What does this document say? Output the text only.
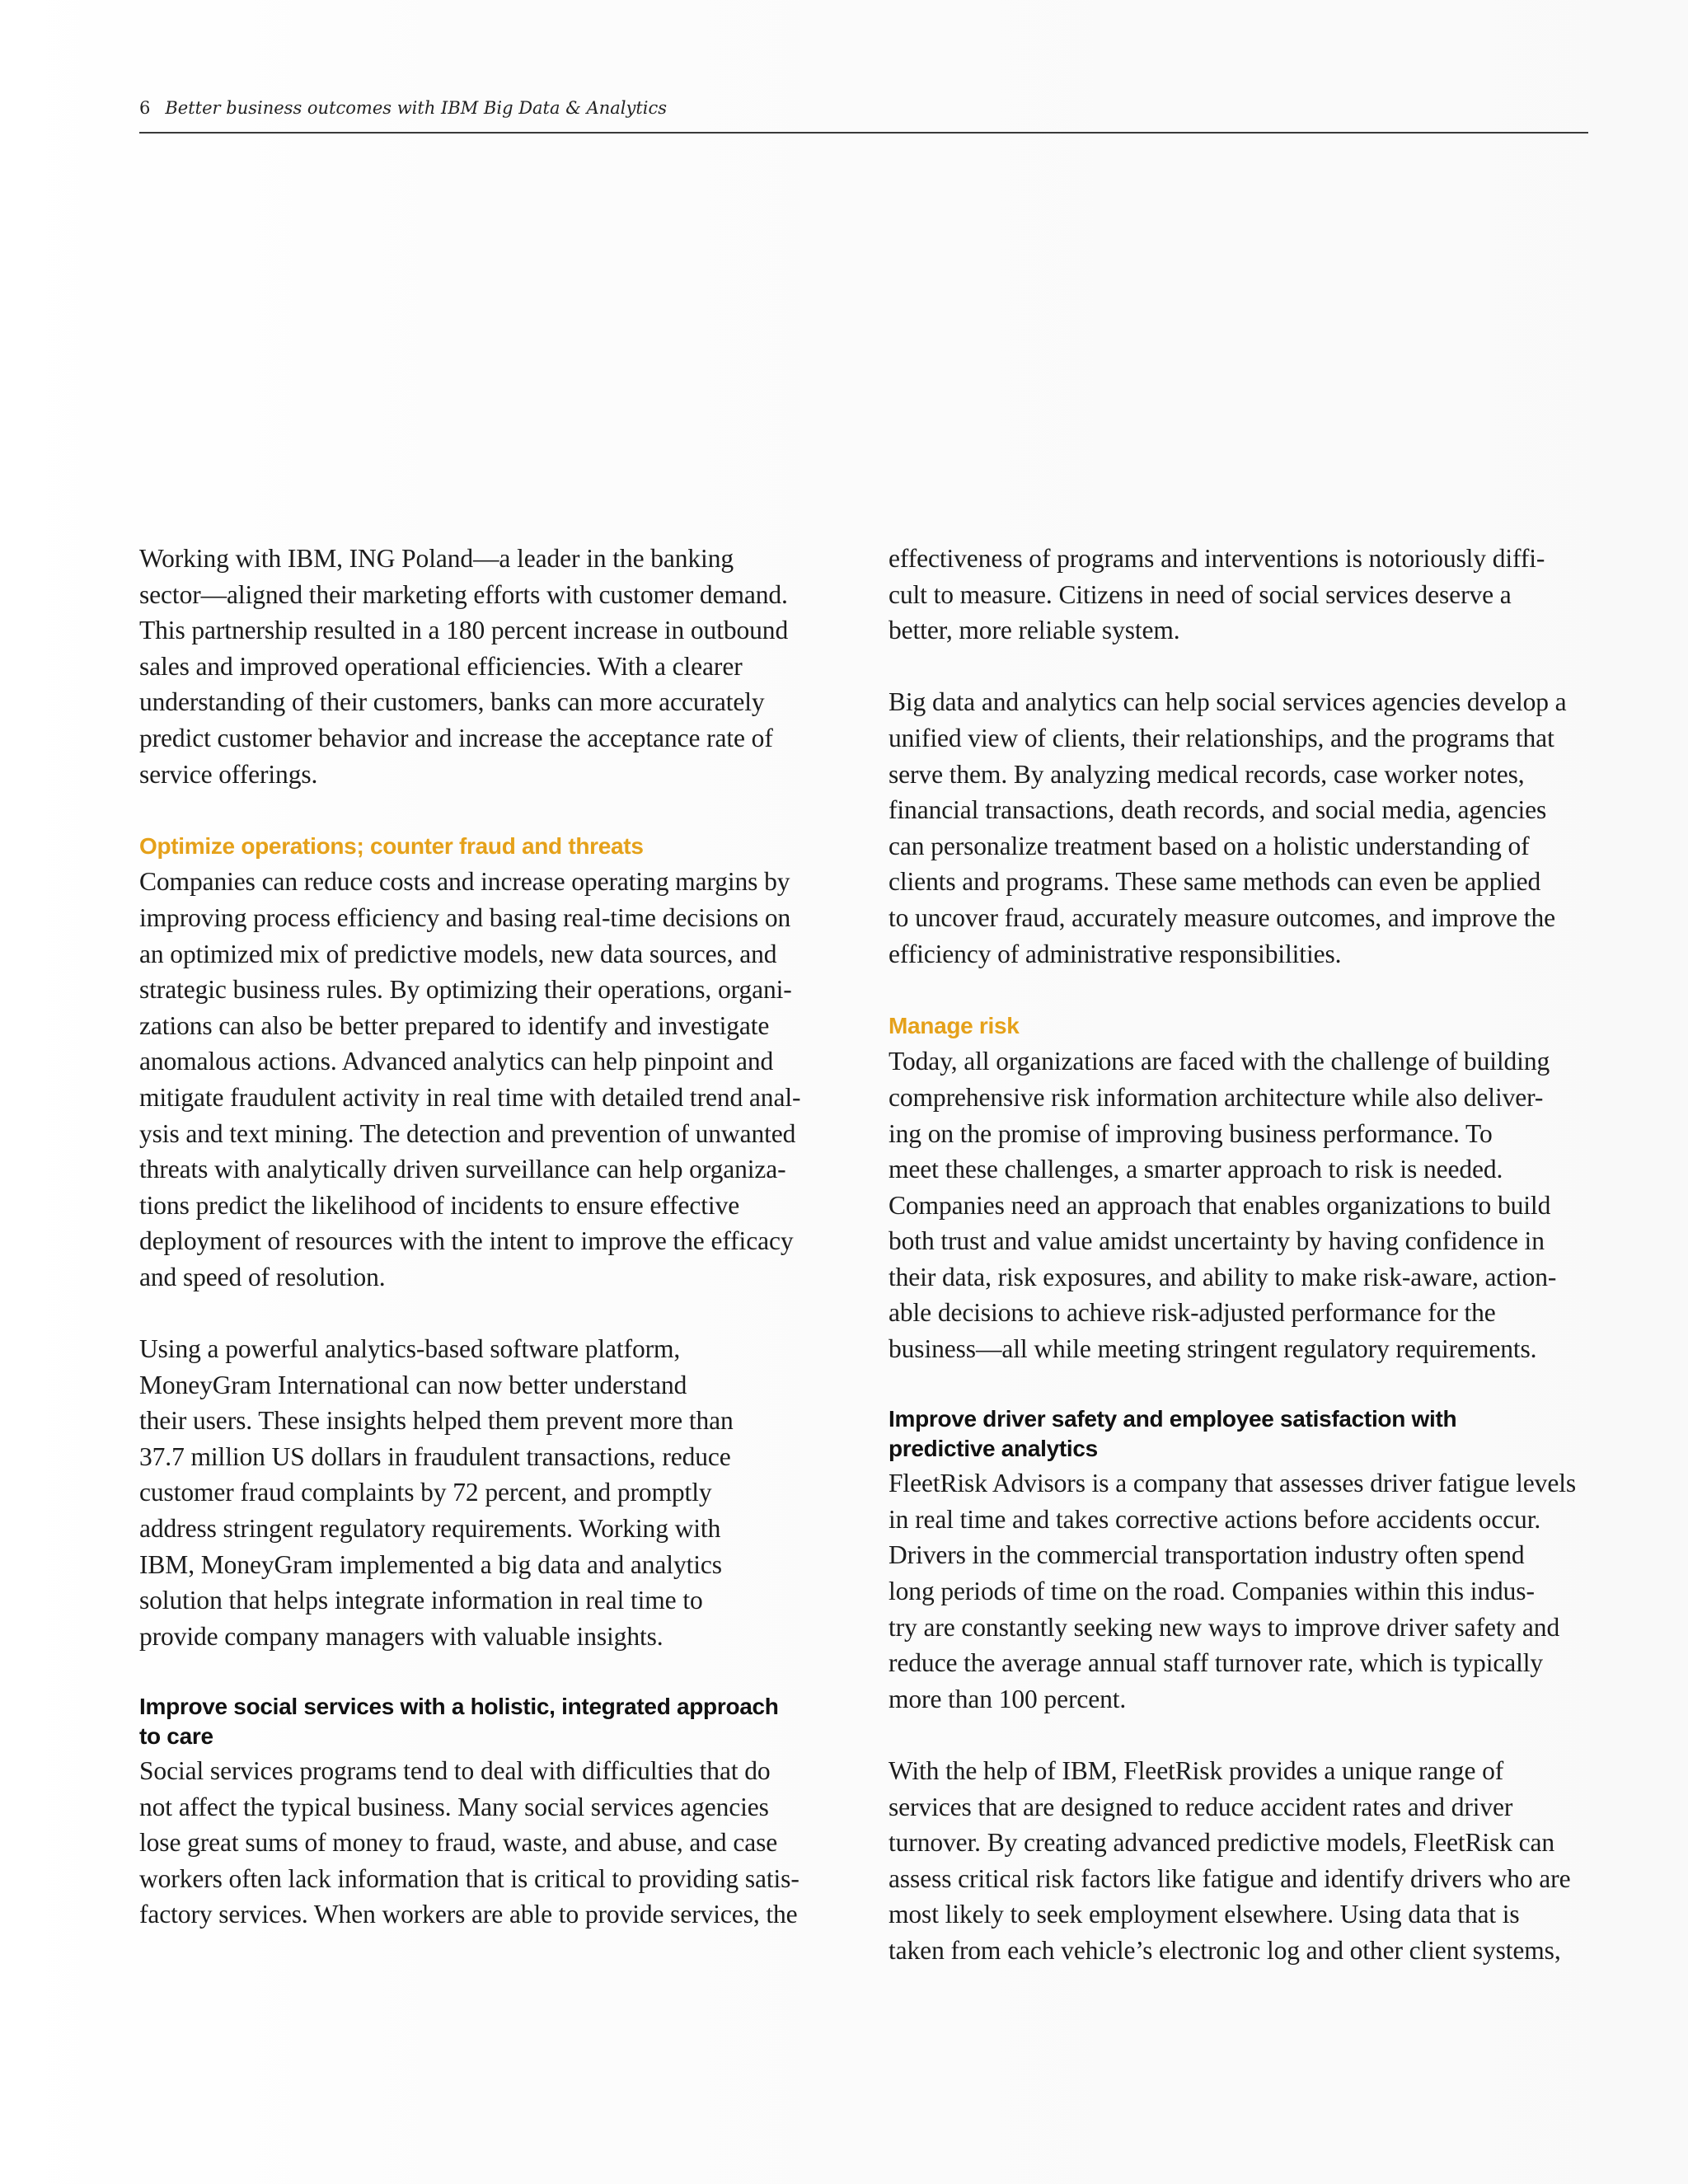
6 Better business outcomes with IBM Big Data & Analytics

Working with IBM, ING Poland—a leader in the banking
sector—aligned their marketing efforts with customer demand.
This partnership resulted in a 180 percent increase in outbound
sales and improved operational efficiencies. With a clearer
understanding of their customers, banks can more accurately
predict customer behavior and increase the acceptance rate of
service offerings.

Optimize operations; counter fraud and threats

Companies can reduce costs and increase operating margins by
improving process efficiency and basing real-time decisions on
an optimized mix of predictive models, new data sources, and
strategic business rules. By optimizing their operations, organi-
zations can also be better prepared to identify and investigate
anomalous actions. Advanced analytics can help pinpoint and
mitigate fraudulent activity in real time with detailed trend anal-
ysis and text mining. The detection and prevention of unwanted
threats with analytically driven surveillance can help organiza-
tions predict the likelihood of incidents to ensure effective
deployment of resources with the intent to improve the efficacy
and speed of resolution.

Using a powerful analytics-based software platform,
MoneyGram International can now better understand
their users. These insights helped them prevent more than
37.7 million US dollars in fraudulent transactions, reduce
customer fraud complaints by 72 percent, and promptly
address stringent regulatory requirements. Working with
IBM, MoneyGram implemented a big data and analytics
solution that helps integrate information in real time to
provide company managers with valuable insights.

Improve social services with a holistic, integrated approach
to care

Social services programs tend to deal with difficulties that do
not affect the typical business. Many social services agencies
lose great sums of money to fraud, waste, and abuse, and case
workers often lack information that is critical to providing satis-
factory services. When workers are able to provide services, the

effectiveness of programs and interventions is notoriously diffi-
cult to measure. Citizens in need of social services deserve a
better, more reliable system.

Big data and analytics can help social services agencies develop a
unified view of clients, their relationships, and the programs that
serve them. By analyzing medical records, case worker notes,
financial transactions, death records, and social media, agencies
can personalize treatment based on a holistic understanding of
clients and programs. These same methods can even be applied
to uncover fraud, accurately measure outcomes, and improve the
efficiency of administrative responsibilities.

Manage risk

Today, all organizations are faced with the challenge of building
comprehensive risk information architecture while also deliver-
ing on the promise of improving business performance. To
meet these challenges, a smarter approach to risk is needed.
Companies need an approach that enables organizations to build
both trust and value amidst uncertainty by having confidence in
their data, risk exposures, and ability to make risk-aware, action-
able decisions to achieve risk-adjusted performance for the
business—all while meeting stringent regulatory requirements.

Improve driver safety and employee satisfaction with
predictive analytics

FleetRisk Advisors is a company that assesses driver fatigue levels
in real time and takes corrective actions before accidents occur.
Drivers in the commercial transportation industry often spend
long periods of time on the road. Companies within this indus-
try are constantly seeking new ways to improve driver safety and
reduce the average annual staff turnover rate, which is typically
more than 100 percent.

With the help of IBM, FleetRisk provides a unique range of
services that are designed to reduce accident rates and driver
turnover. By creating advanced predictive models, FleetRisk can
assess critical risk factors like fatigue and identify drivers who are
most likely to seek employment elsewhere. Using data that is
taken from each vehicle’s electronic log and other client systems,
